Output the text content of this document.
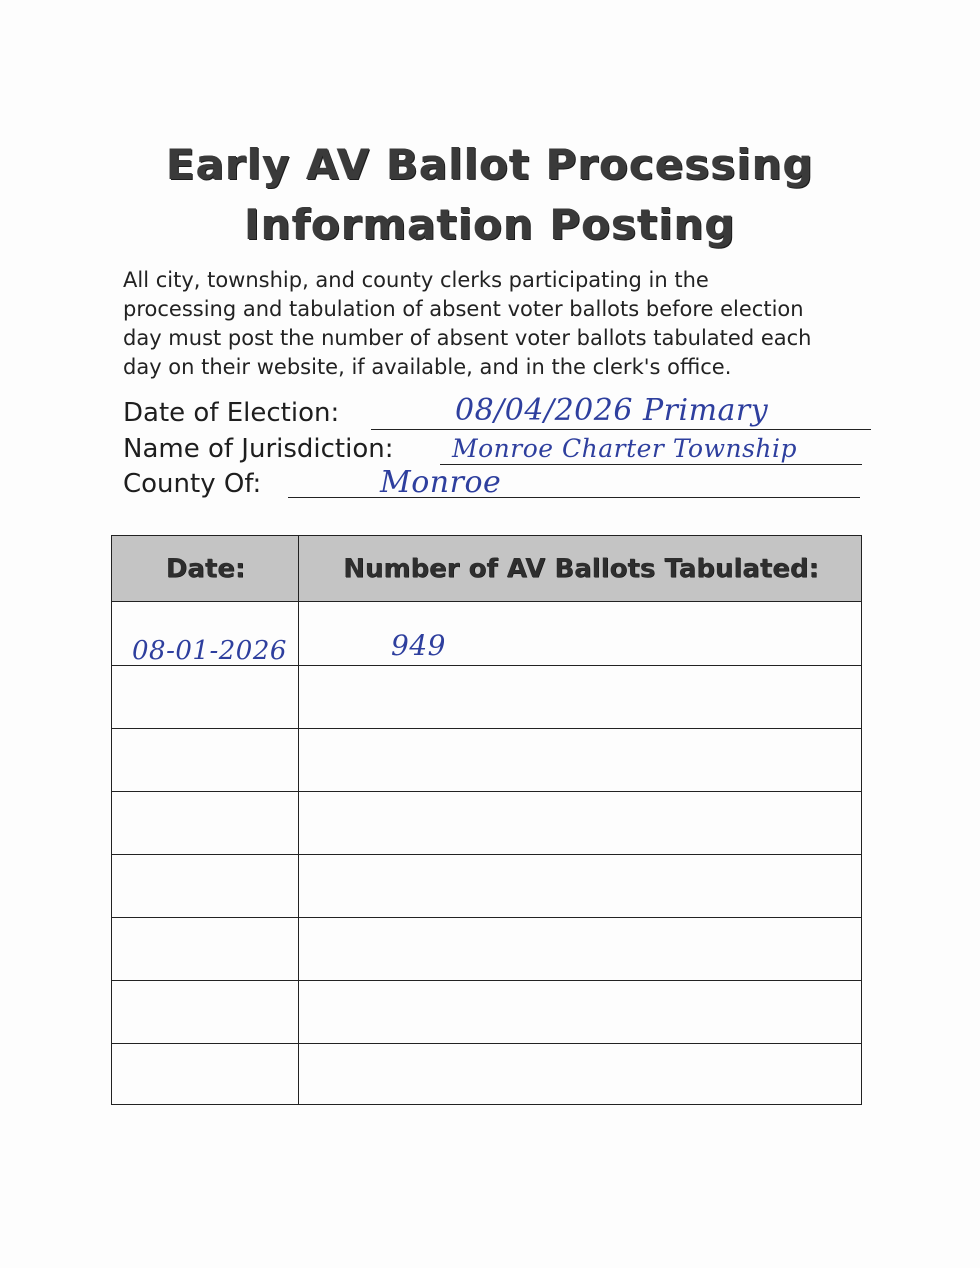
Early AV Ballot Processing
Information Posting
All city, township, and county clerks participating in the
processing and tabulation of absent voter ballots before election
day must post the number of absent voter ballots tabulated each
day on their website, if available, and in the clerk's office.
Date of Election:	08/04/2026 Primary
Name of Jurisdiction: Monroe Charter Township
County Of:	Monroe
Date:	Number of AV Ballots Tabulated:
08-01-2026	949
